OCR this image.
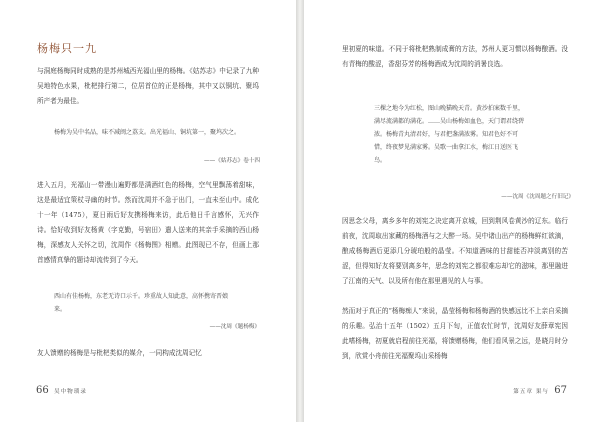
杨梅只一九

与洞庭杨梅同时成熟的是苏州城西光福山里的杨梅。《姑苏志》中记录了九种吴地特色水果，枇杷排行第二，位居首位的正是杨梅，其中又以铜坑、聚坞所产者为最佳。

杨梅为吴中名品，味不减闽之荔支。出光福山、铜坑第一，聚坞次之。

——《姑苏志》卷十四

进入五月，光福山一带漫山遍野都是满酒红色的杨梅，空气里飘荡着甜味，这是最适宜策杖寻幽的时节。然而沈周并不急于出门，一直未至山中。成化十一年（1475），夏日雨后好友携杨梅来访，此后他日千言感怀，无兴作诗。恰好收到好友杨黄（字克勤，号宿田）遣人送来的其亲手采摘的西山杨梅，深感友人关怀之切，沈周作《杨梅图》相赠。此图现已不存，但画上那首感情真挚的题诗却流传到了今天。

西山有佳杨梅，东老无诗口示千。珍重故人知此意，高怀携寄晋娘来。

——沈周《题杨梅》

友人馈赠的杨梅是与枇杷类似的媒介，一同构成沈周记忆

66 吴中物琐录

里初夏的味道。不同于将枇杷熟制成膏的方法，苏州人更习惯以杨梅酿酒。没有青梅的酸涩，香甜芬芳的杨梅酒成为沈周的消暑良选。

三棵之地今为红松，图山晚猫晚天青。黄沙拍案数千里，满尽流满都的满花。……吴山杨梅如血色，天门谓君绕碧浓。杨梅青丸清君好，与君把盏满浓雾。知君色好不可惜，终夜梦见满家雾。吴歌一曲拿江水，梅江日送医飞鸟。

——沈周《沈周题之行旧记》

因思念父母，离乡多年的刘宪之决定离开京城，回到荆风卷黄沙的辽东。临行前夜，沈周取出家藏的杨梅酒与之大醉一场。吴中诸山出产的杨梅鲜红欲滴，酿成杨梅酒后更添几分琥珀般的晶莹。不知道酒味的甘甜能否冲淡离别的苦涩，但得知好友将要别离多年，思念的刘宪之都很难忘却它的滋味，那里融进了江南的天气、以及所有他在那里遇见的人与事。

然而对于真正的“杨梅痴人”来说，晶莹杨梅和杨梅酒的快感远比不上亲自采摘的乐趣。弘治十五年（1502）五月下旬，正值农忙时节，沈周好友薛章宪因此嗜杨梅，初夏就启程前往光福，将馈赠杨梅，他们看风景之远，是晓月时分到，欣赏小舟前往光福聚坞山采杨梅

第五章 果与 67
